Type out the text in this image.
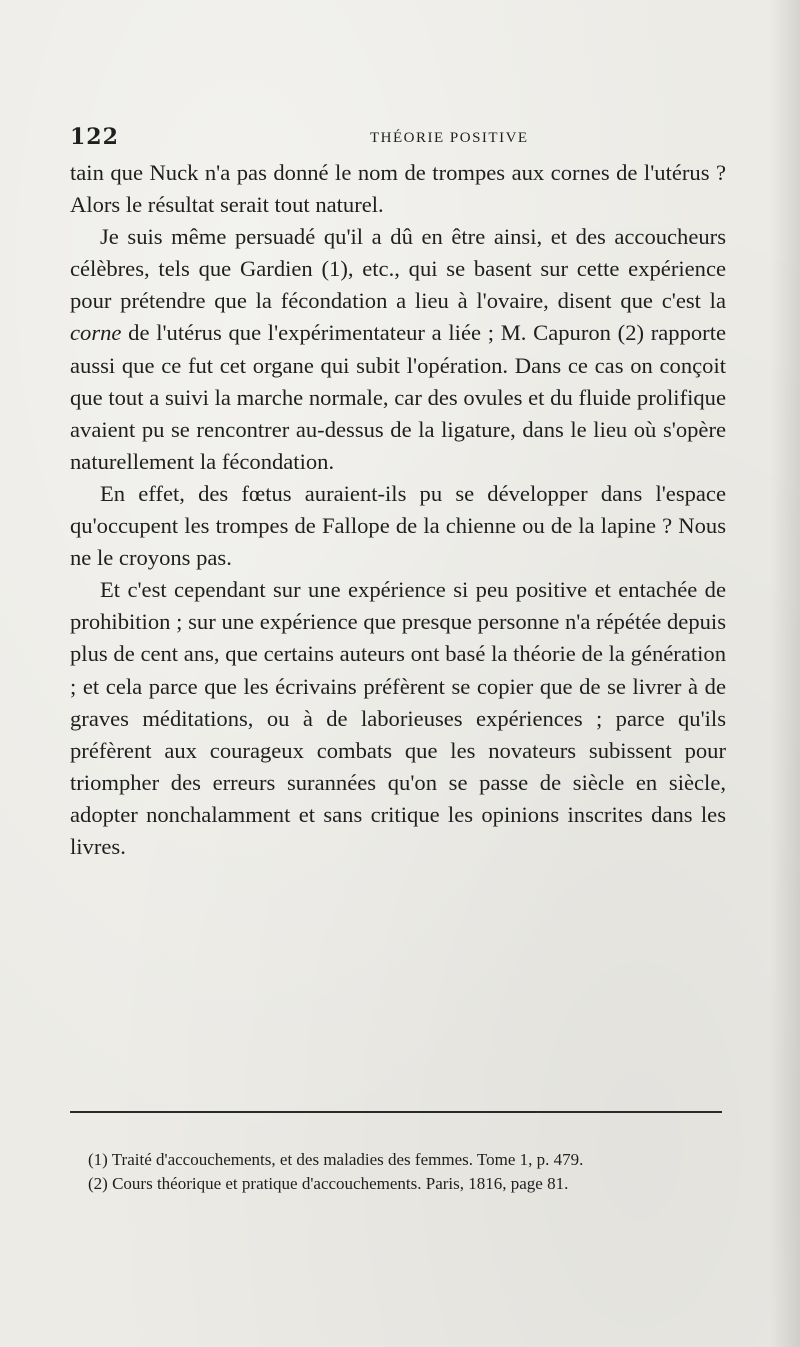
122	THÉORIE POSITIVE

tain que Nuck n'a pas donné le nom de trompes aux cornes de l'utérus ? Alors le résultat serait tout naturel.

Je suis même persuadé qu'il a dû en être ainsi, et des accoucheurs célèbres, tels que Gardien (1), etc., qui se basent sur cette expérience pour prétendre que la fécondation a lieu à l'ovaire, disent que c'est la corne de l'utérus que l'expérimentateur a liée ; M. Capuron (2) rapporte aussi que ce fut cet organe qui subit l'opération. Dans ce cas on conçoit que tout a suivi la marche normale, car des ovules et du fluide prolifique avaient pu se rencontrer au-dessus de la ligature, dans le lieu où s'opère naturellement la fécondation.

En effet, des fœtus auraient-ils pu se développer dans l'espace qu'occupent les trompes de Fallope de la chienne ou de la lapine ? Nous ne le croyons pas.

Et c'est cependant sur une expérience si peu positive et entachée de prohibition ; sur une expérience que presque personne n'a répétée depuis plus de cent ans, que certains auteurs ont basé la théorie de la génération ; et cela parce que les écrivains préfèrent se copier que de se livrer à de graves méditations, ou à de laborieuses expériences ; parce qu'ils préfèrent aux courageux combats que les novateurs subissent pour triompher des erreurs surannées qu'on se passe de siècle en siècle, adopter nonchalamment et sans critique les opinions inscrites dans les livres.

(1) Traité d'accouchements, et des maladies des femmes. Tome 1, p. 479.

(2) Cours théorique et pratique d'accouchements. Paris, 1816, page 81.
